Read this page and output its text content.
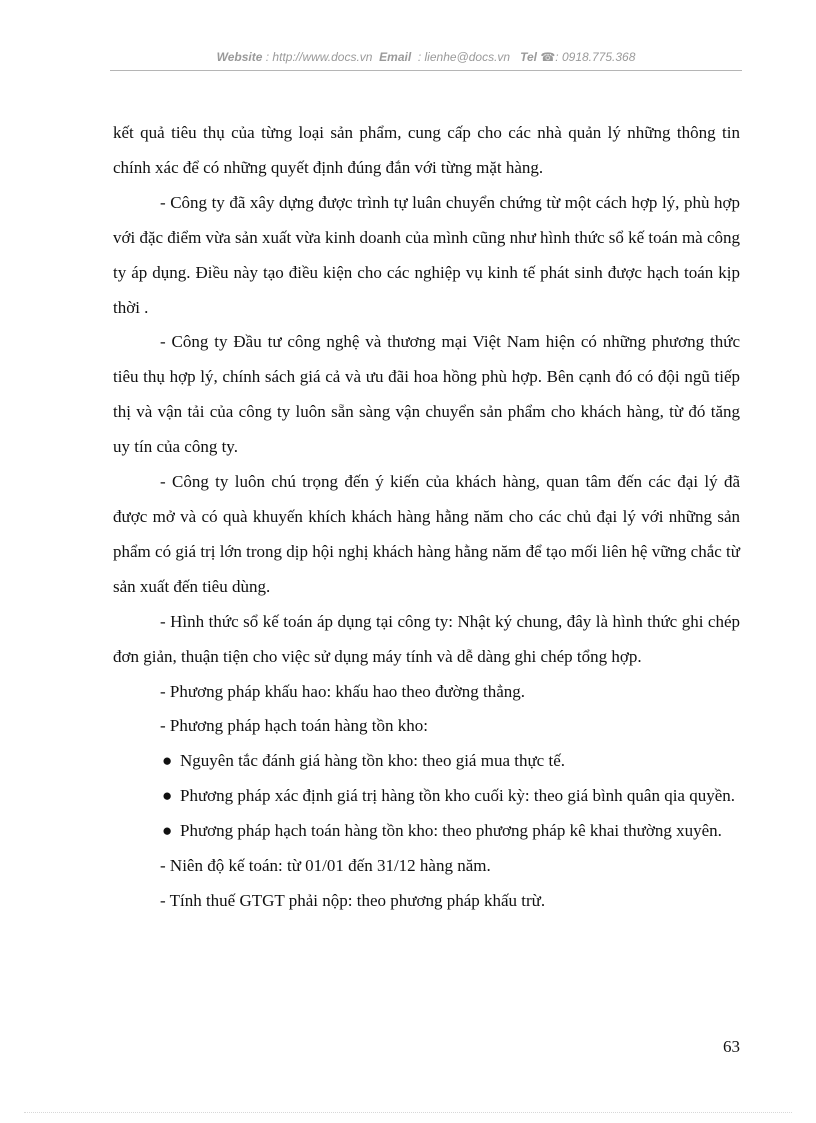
Website : http://www.docs.vn Email : lienhe@docs.vn Tel ☎: 0918.775.368

kết quả tiêu thụ của từng loại sản phẩm, cung cấp cho các nhà quản lý những thông tin chính xác để có những quyết định đúng đắn với từng mặt hàng.

- Công ty đã xây dựng được trình tự luân chuyển chứng từ một cách hợp lý, phù hợp với đặc điểm vừa sản xuất vừa kinh doanh của mình cũng như hình thức sổ kế toán mà công ty áp dụng. Điều này tạo điều kiện cho các nghiệp vụ kinh tế phát sinh được hạch toán kịp thời .

- Công ty Đầu tư công nghệ và thương mại Việt Nam hiện có những phương thức tiêu thụ hợp lý, chính sách giá cả và ưu đãi hoa hồng phù hợp. Bên cạnh đó có đội ngũ tiếp thị và vận tải của công ty luôn sẵn sàng vận chuyển sản phẩm cho khách hàng, từ đó tăng uy tín của công ty.

- Công ty luôn chú trọng đến ý kiến của khách hàng, quan tâm đến các đại lý đã được mở và có quà khuyến khích khách hàng hằng năm cho các chủ đại lý với những sản phẩm có giá trị lớn trong dịp hội nghị khách hàng hằng năm để tạo mối liên hệ vững chắc từ sản xuất đến tiêu dùng.

- Hình thức sổ kế toán áp dụng tại công ty: Nhật ký chung, đây là hình thức ghi chép đơn giản, thuận tiện cho việc sử dụng máy tính và dễ dàng ghi chép tổng hợp.

- Phương pháp khấu hao: khấu hao theo đường thẳng.

- Phương pháp hạch toán hàng tồn kho:

● Nguyên tắc đánh giá hàng tồn kho: theo giá mua thực tế.
● Phương pháp xác định giá trị hàng tồn kho cuối kỳ: theo giá bình quân qia quyền.
● Phương pháp hạch toán hàng tồn kho: theo phương pháp kê khai thường xuyên.

- Niên độ kế toán: từ 01/01 đến 31/12 hàng năm.

- Tính thuế GTGT phải nộp: theo phương pháp khấu trừ.

63
